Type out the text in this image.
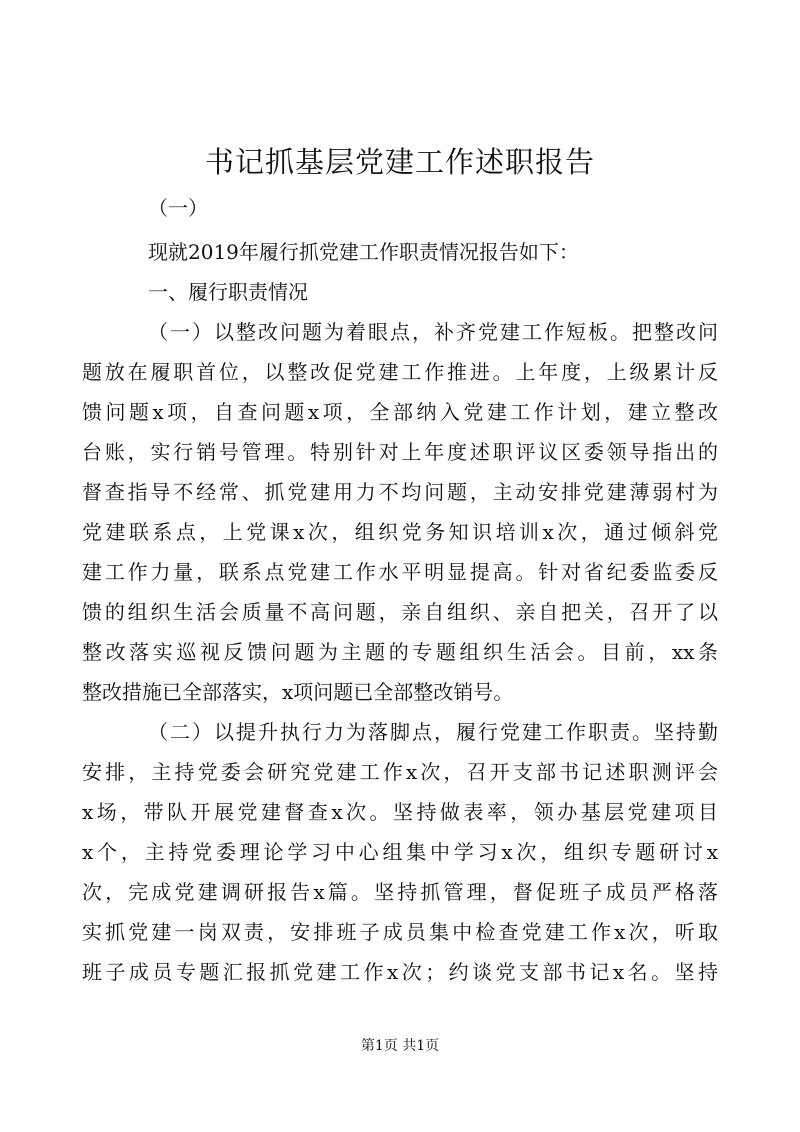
书记抓基层党建工作述职报告

（一）

现就2019年履行抓党建工作职责情况报告如下：

一、履行职责情况

（一）以整改问题为着眼点，补齐党建工作短板。把整改问

题放在履职首位，以整改促党建工作推进。上年度，上级累计反

馈问题x项，自查问题x项，全部纳入党建工作计划，建立整改

台账，实行销号管理。特别针对上年度述职评议区委领导指出的

督查指导不经常、抓党建用力不均问题，主动安排党建薄弱村为

党建联系点，上党课x次，组织党务知识培训x次，通过倾斜党

建工作力量，联系点党建工作水平明显提高。针对省纪委监委反

馈的组织生活会质量不高问题，亲自组织、亲自把关，召开了以

整改落实巡视反馈问题为主题的专题组织生活会。目前，xx条

整改措施已全部落实，x项问题已全部整改销号。

（二）以提升执行力为落脚点，履行党建工作职责。坚持勤

安排，主持党委会研究党建工作x次，召开支部书记述职测评会

x场，带队开展党建督查x次。坚持做表率，领办基层党建项目

x个，主持党委理论学习中心组集中学习x次，组织专题研讨x

次，完成党建调研报告x篇。坚持抓管理，督促班子成员严格落

实抓党建一岗双责，安排班子成员集中检查党建工作x次，听取

班子成员专题汇报抓党建工作x次；约谈党支部书记x名。坚持

第1页 共1页
